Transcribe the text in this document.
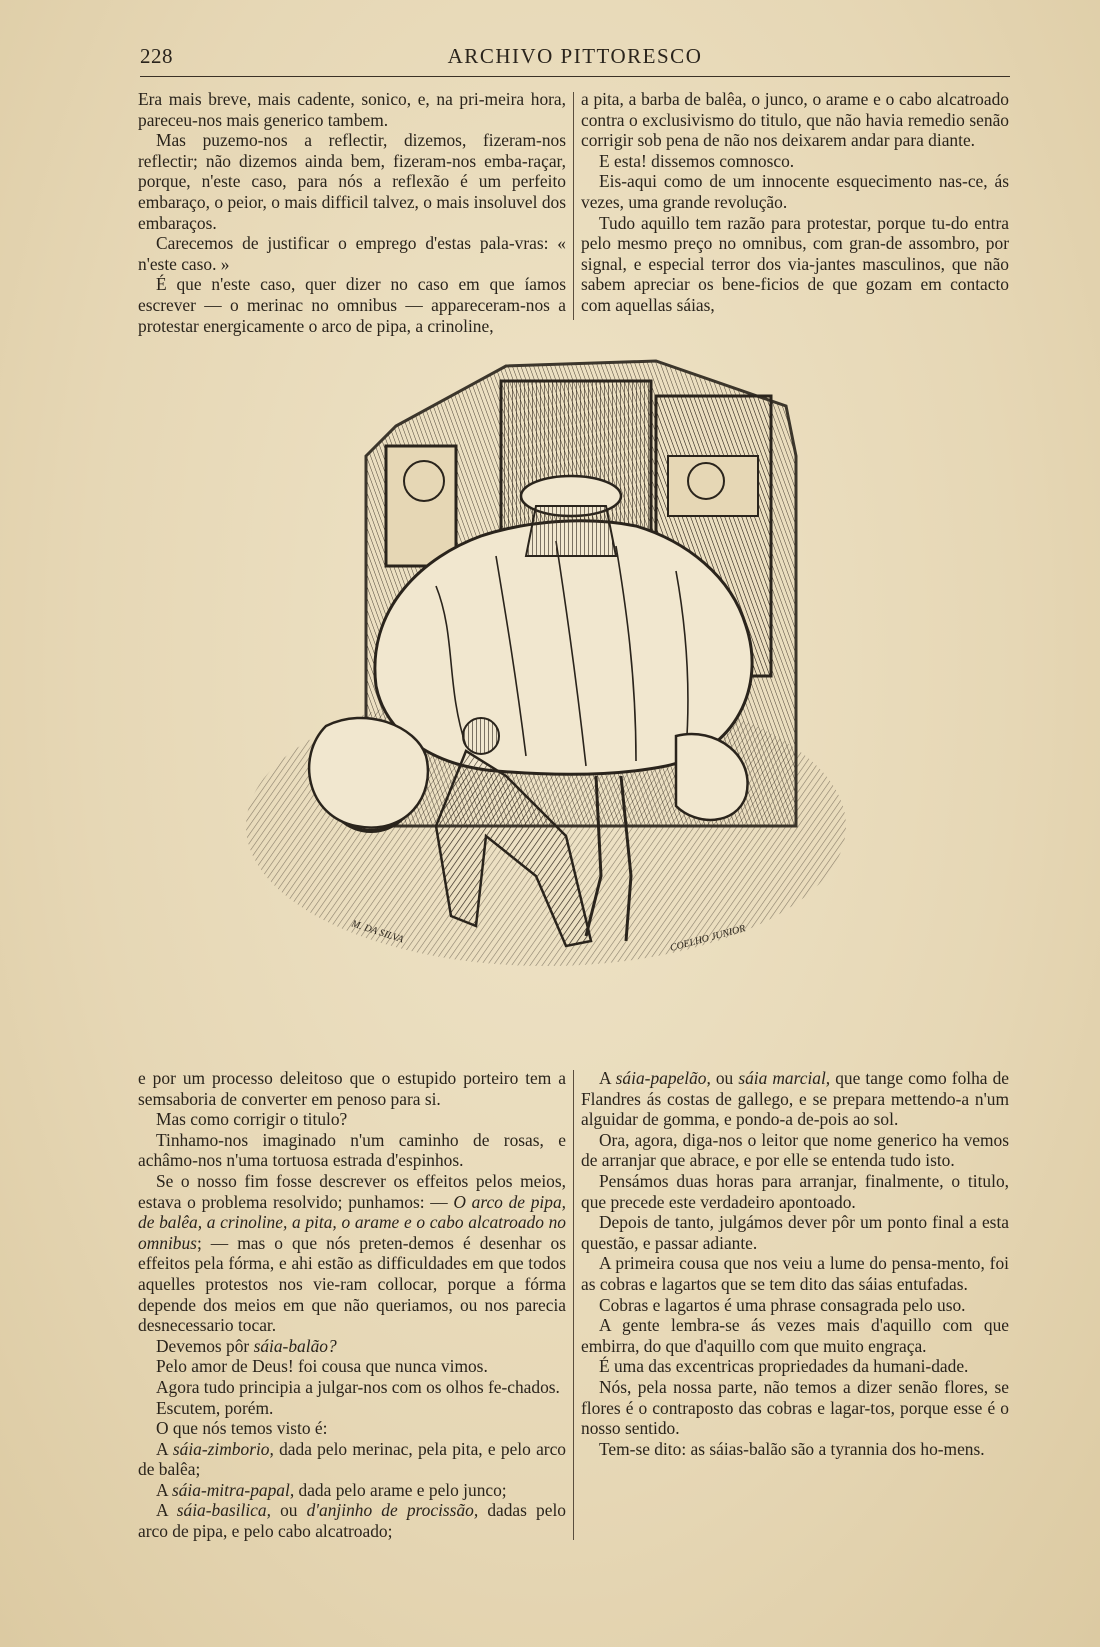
228	ARCHIVO PITTORESCO

Era mais breve, mais cadente, sonico, e, na pri-meira hora, pareceu-nos mais generico tambem.

Mas puzemo-nos a reflectir, dizemos, fizeram-nos reflectir; não dizemos ainda bem, fizeram-nos emba-raçar, porque, n'este caso, para nós a reflexão é um perfeito embaraço, o peior, o mais difficil talvez, o mais insoluvel dos embaraços.

Carecemos de justificar o emprego d'estas pala-vras: « n'este caso. »

É que n'este caso, quer dizer no caso em que íamos escrever — o merinac no omnibus — appareceram-nos a protestar energicamente o arco de pipa, a crinoline,

a pita, a barba de balêa, o junco, o arame e o cabo alcatroado contra o exclusivismo do titulo, que não havia remedio senão corrigir sob pena de não nos deixarem andar para diante.

E esta! dissemos comnosco.

Eis-aqui como de um innocente esquecimento nas-ce, ás vezes, uma grande revolução.

Tudo aquillo tem razão para protestar, porque tu-do entra pelo mesmo preço no omnibus, com gran-de assombro, por signal, e especial terror dos via-jantes masculinos, que não sabem apreciar os bene-ficios de que gozam em contacto com aquellas sáias,

M. DA SILVA	COELHO JUNIOR

e por um processo deleitoso que o estupido porteiro tem a semsaboria de converter em penoso para si.

Mas como corrigir o titulo?

Tinhamo-nos imaginado n'um caminho de rosas, e achâmo-nos n'uma tortuosa estrada d'espinhos.

Se o nosso fim fosse descrever os effeitos pelos meios, estava o problema resolvido; punhamos: — O arco de pipa, de balêa, a crinoline, a pita, o arame e o cabo alcatroado no omnibus; — mas o que nós preten-demos é desenhar os effeitos pela fórma, e ahi estão as difficuldades em que todos aquelles protestos nos vie-ram collocar, porque a fórma depende dos meios em que não queriamos, ou nos parecia desnecessario tocar.

Devemos pôr sáia-balão?

Pelo amor de Deus! foi cousa que nunca vimos.

Agora tudo principia a julgar-nos com os olhos fe-chados.

Escutem, porém.

O que nós temos visto é:

A sáia-zimborio, dada pelo merinac, pela pita, e pelo arco de balêa;

A sáia-mitra-papal, dada pelo arame e pelo junco;

A sáia-basilica, ou d'anjinho de procissão, dadas pelo arco de pipa, e pelo cabo alcatroado;

A sáia-papelão, ou sáia marcial, que tange como folha de Flandres ás costas de gallego, e se prepara mettendo-a n'um alguidar de gomma, e pondo-a de-pois ao sol.

Ora, agora, diga-nos o leitor que nome generico ha vemos de arranjar que abrace, e por elle se entenda tudo isto.

Pensámos duas horas para arranjar, finalmente, o titulo, que precede este verdadeiro apontoado.

Depois de tanto, julgámos dever pôr um ponto final a esta questão, e passar adiante.

A primeira cousa que nos veiu a lume do pensa-mento, foi as cobras e lagartos que se tem dito das sáias entufadas.

Cobras e lagartos é uma phrase consagrada pelo uso.

A gente lembra-se ás vezes mais d'aquillo com que embirra, do que d'aquillo com que muito engraça.

É uma das excentricas propriedades da humani-dade.

Nós, pela nossa parte, não temos a dizer senão flores, se flores é o contraposto das cobras e lagar-tos, porque esse é o nosso sentido.

Tem-se dito: as sáias-balão são a tyrannia dos ho-mens.
